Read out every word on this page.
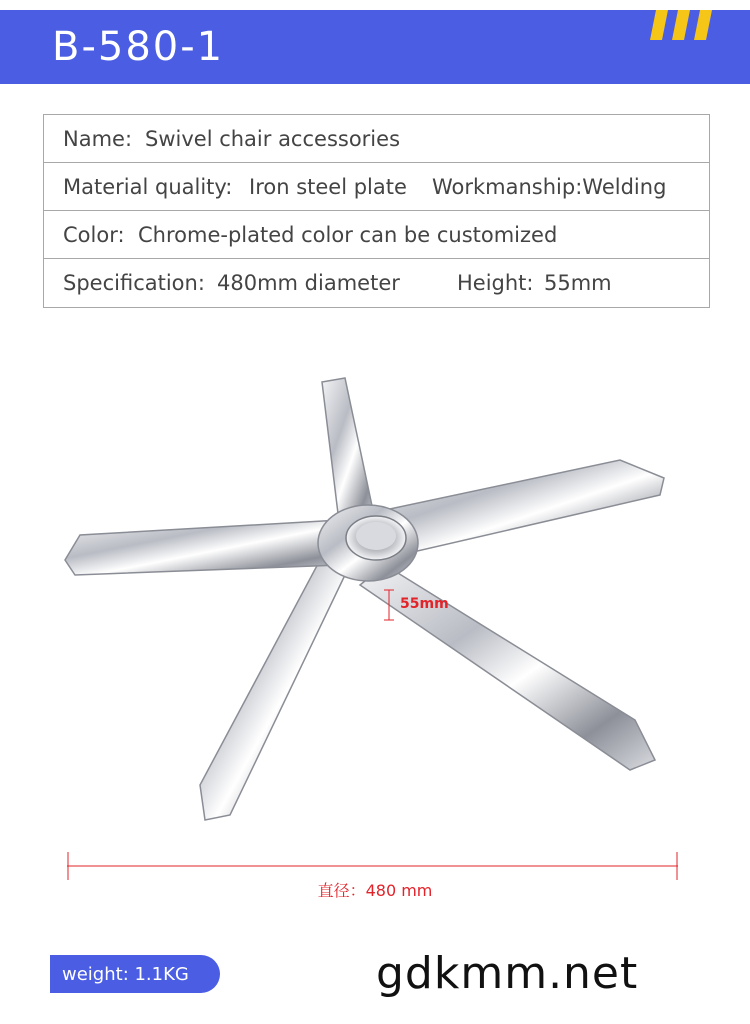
B-580-1
Name: Swivel chair accessories
Material quality: Iron steel plate Workmanship:Welding
Color: Chrome-plated color can be customized
Specification: 480mm diameter	Height: 55mm
55mm
直径：480 mm
weight: 1.1KG	gdkmm.net
